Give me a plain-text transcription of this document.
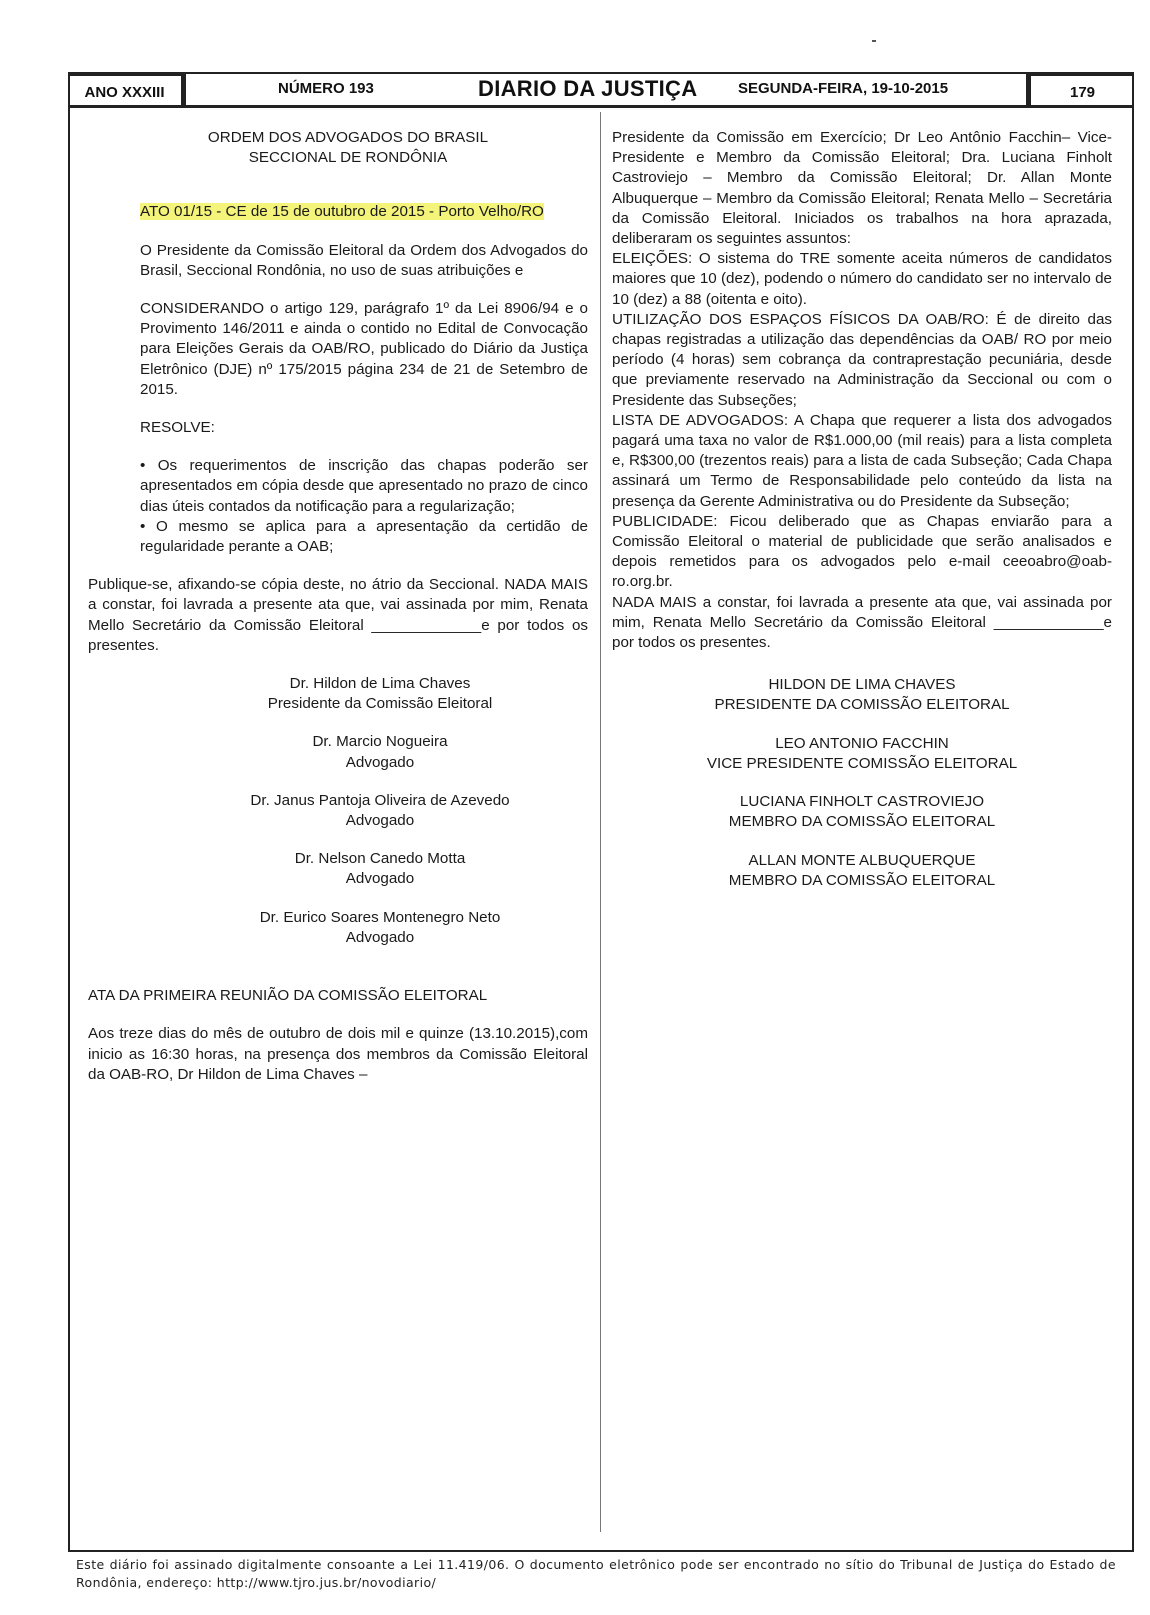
ANO XXXIII	NÚMERO 193	DIARIO DA JUSTIÇA	SEGUNDA-FEIRA, 19-10-2015	179

ORDEM DOS ADVOGADOS DO BRASIL

SECCIONAL DE RONDÔNIA

ATO 01/15 - CE de 15 de outubro de 2015 - Porto Velho/RO

O Presidente da Comissão Eleitoral da Ordem dos Advogados do Brasil, Seccional Rondônia, no uso de suas atribuições e

CONSIDERANDO o artigo 129, parágrafo 1º da Lei 8906/94 e o Provimento 146/2011 e ainda o contido no Edital de Convocação para Eleições Gerais da OAB/RO, publicado do Diário da Justiça Eletrônico (DJE) nº 175/2015 página 234 de 21 de Setembro de 2015.

RESOLVE:

• Os requerimentos de inscrição das chapas poderão ser apresentados em cópia desde que apresentado no prazo de cinco dias úteis contados da notificação para a regularização;

• O mesmo se aplica para a apresentação da certidão de regularidade perante a OAB;

Publique-se, afixando-se cópia deste, no átrio da Seccional. NADA MAIS a constar, foi lavrada a presente ata que, vai assinada por mim, Renata Mello Secretário da Comissão Eleitoral _____________e por todos os presentes.

Dr. Hildon de Lima Chaves

Presidente da Comissão Eleitoral

Dr. Marcio Nogueira

Advogado

Dr. Janus Pantoja Oliveira de Azevedo

Advogado

Dr. Nelson Canedo Motta

Advogado

Dr. Eurico Soares Montenegro Neto

Advogado

ATA DA PRIMEIRA REUNIÃO DA COMISSÃO ELEITORAL

Aos treze dias do mês de outubro de dois mil e quinze (13.10.2015),com inicio as 16:30 horas, na presença dos membros da Comissão Eleitoral da OAB-RO, Dr Hildon de Lima Chaves –

Presidente da Comissão em Exercício; Dr Leo Antônio Facchin– Vice-Presidente e Membro da Comissão Eleitoral; Dra. Luciana Finholt Castroviejo – Membro da Comissão Eleitoral; Dr. Allan Monte Albuquerque – Membro da Comissão Eleitoral; Renata Mello – Secretária da Comissão Eleitoral. Iniciados os trabalhos na hora aprazada, deliberaram os seguintes assuntos:

ELEIÇÕES: O sistema do TRE somente aceita números de candidatos maiores que 10 (dez), podendo o número do candidato ser no intervalo de 10 (dez) a 88 (oitenta e oito).

UTILIZAÇÃO DOS ESPAÇOS FÍSICOS DA OAB/RO: É de direito das chapas registradas a utilização das dependências da OAB/ RO por meio período (4 horas) sem cobrança da contraprestação pecuniária, desde que previamente reservado na Administração da Seccional ou com o Presidente das Subseções;

LISTA DE ADVOGADOS: A Chapa que requerer a lista dos advogados pagará uma taxa no valor de R$1.000,00 (mil reais) para a lista completa e, R$300,00 (trezentos reais) para a lista de cada Subseção; Cada Chapa assinará um Termo de Responsabilidade pelo conteúdo da lista na presença da Gerente Administrativa ou do Presidente da Subseção;

PUBLICIDADE: Ficou deliberado que as Chapas enviarão para a Comissão Eleitoral o material de publicidade que serão analisados e depois remetidos para os advogados pelo e-mail ceeoabro@oab-ro.org.br.

NADA MAIS a constar, foi lavrada a presente ata que, vai assinada por mim, Renata Mello Secretário da Comissão Eleitoral _____________e por todos os presentes.

HILDON DE LIMA CHAVES

PRESIDENTE DA COMISSÃO ELEITORAL

LEO ANTONIO FACCHIN

VICE PRESIDENTE COMISSÃO ELEITORAL

LUCIANA FINHOLT CASTROVIEJO

MEMBRO DA COMISSÃO ELEITORAL

ALLAN MONTE ALBUQUERQUE

MEMBRO DA COMISSÃO ELEITORAL

Este diário foi assinado digitalmente consoante a Lei 11.419/06. O documento eletrônico pode ser encontrado no sítio do Tribunal de Justiça do Estado de Rondônia, endereço: http://www.tjro.jus.br/novodiario/
